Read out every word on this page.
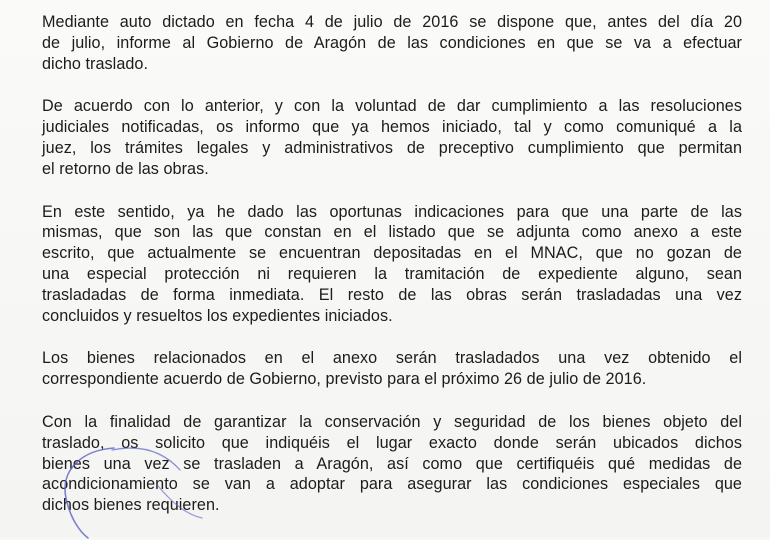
Mediante auto dictado en fecha 4 de julio de 2016 se dispone que, antes del día 20
de julio, informe al Gobierno de Aragón de las condiciones en que se va a efectuar
dicho traslado.

De acuerdo con lo anterior, y con la voluntad de dar cumplimiento a las resoluciones
judiciales notificadas, os informo que ya hemos iniciado, tal y como comuniqué a la
juez, los trámites legales y administrativos de preceptivo cumplimiento que permitan
el retorno de las obras.

En este sentido, ya he dado las oportunas indicaciones para que una parte de las
mismas, que son las que constan en el listado que se adjunta como anexo a este
escrito, que actualmente se encuentran depositadas en el MNAC, que no gozan de
una especial protección ni requieren la tramitación de expediente alguno, sean
trasladadas de forma inmediata. El resto de las obras serán trasladadas una vez
concluidos y resueltos los expedientes iniciados.

Los bienes relacionados en el anexo serán trasladados una vez obtenido el
correspondiente acuerdo de Gobierno, previsto para el próximo 26 de julio de 2016.

Con la finalidad de garantizar la conservación y seguridad de los bienes objeto del
traslado, os solicito que indiquéis el lugar exacto donde serán ubicados dichos
bienes una vez se trasladen a Aragón, así como que certifiquéis qué medidas de
acondicionamiento se van a adoptar para asegurar las condiciones especiales que
dichos bienes requieren.
